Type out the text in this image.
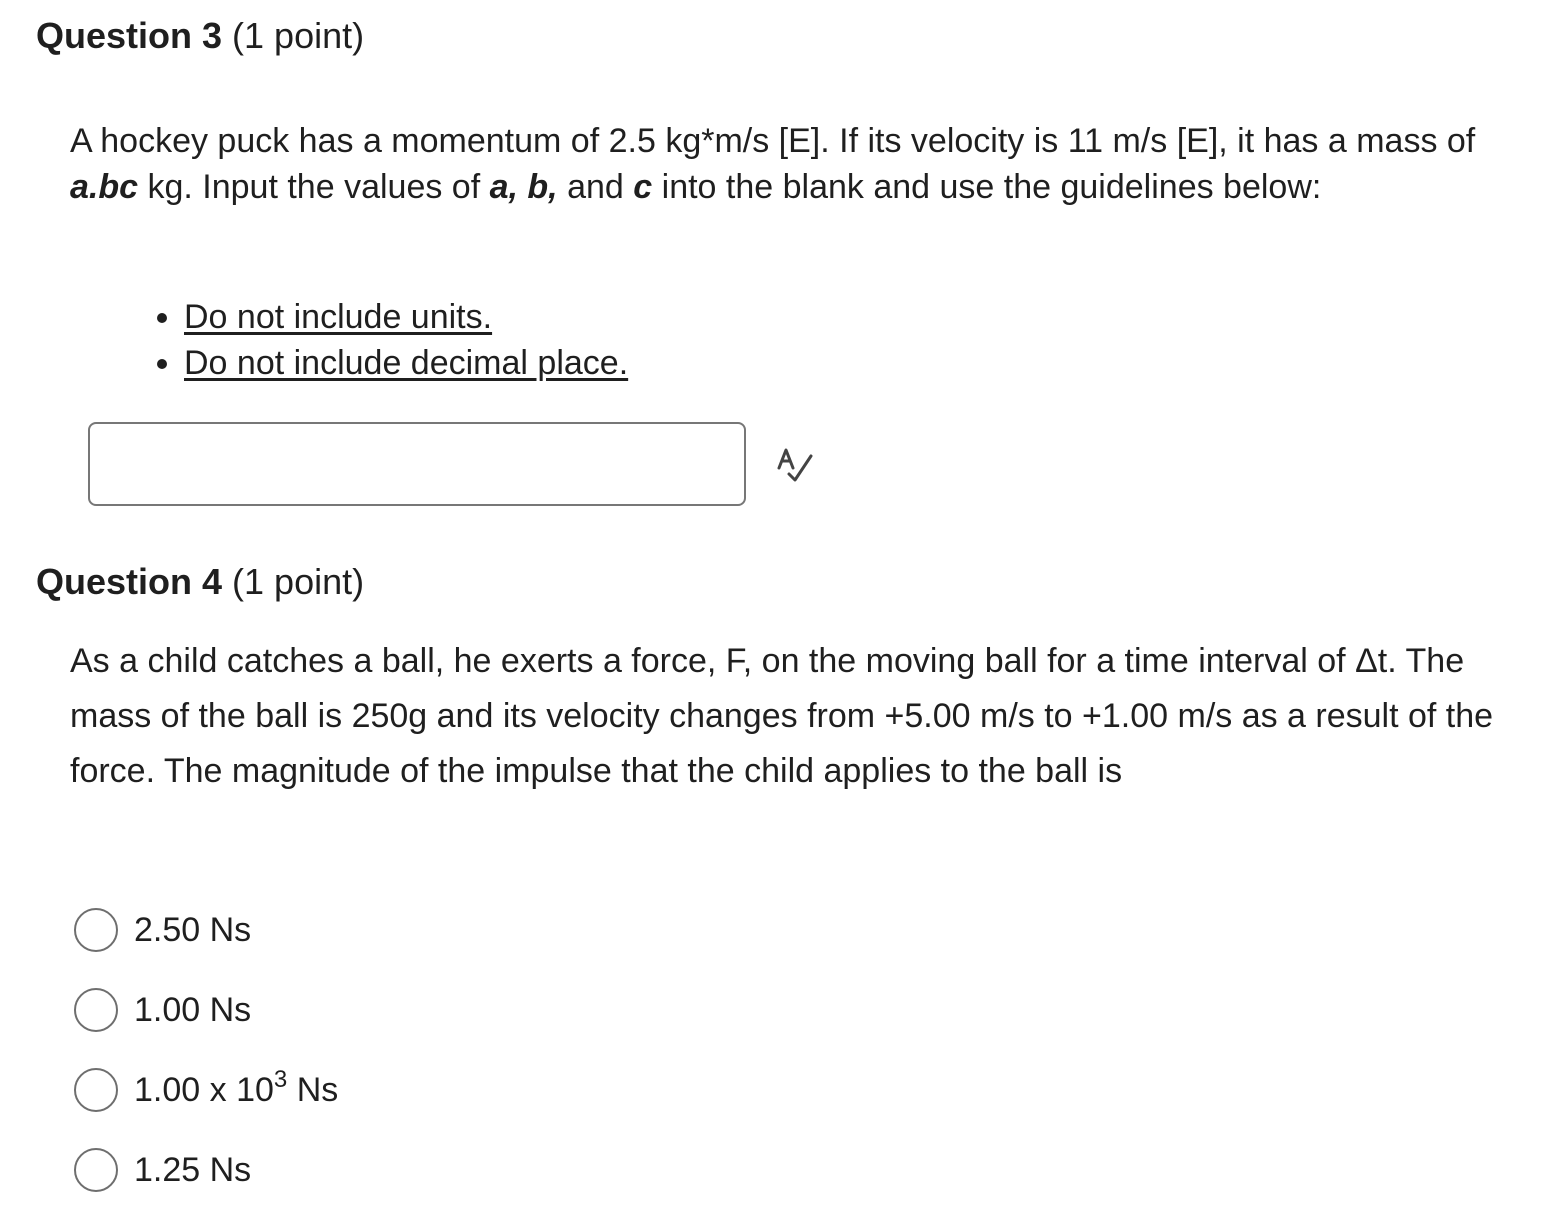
Question 3 (1 point)
A hockey puck has a momentum of 2.5 kg*m/s [E]. If its velocity is 11 m/s [E], it has a mass of a.bc kg. Input the values of a, b, and c into the blank and use the guidelines below:
• Do not include units.
• Do not include decimal place.
Question 4 (1 point)
As a child catches a ball, he exerts a force, F, on the moving ball for a time interval of Δt. The mass of the ball is 250g and its velocity changes from +5.00 m/s to +1.00 m/s as a result of the force. The magnitude of the impulse that the child applies to the ball is
2.50 Ns
1.00 Ns
1.00 x $10^3$ Ns
1.25 Ns
